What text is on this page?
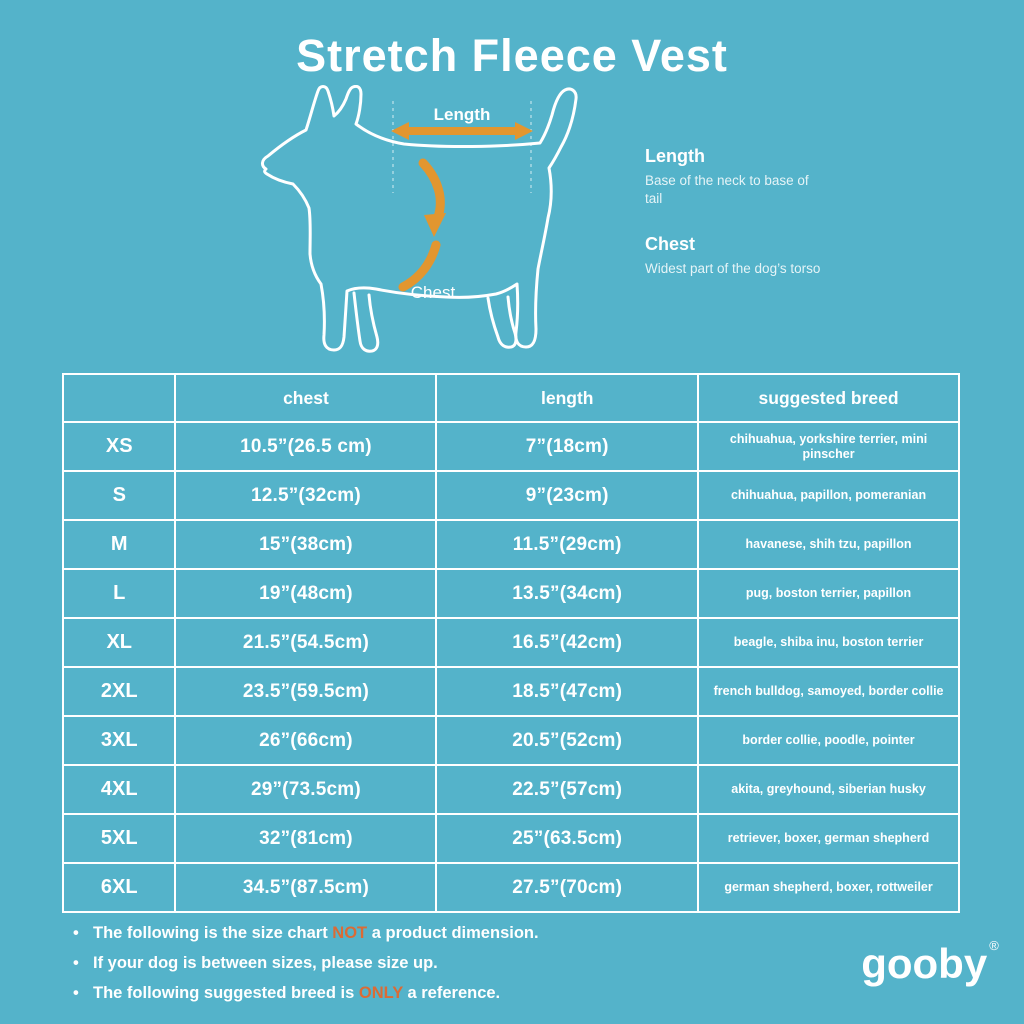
Stretch Fleece Vest
Length
Chest
Length
Base of the neck to base of tail
Chest
Widest part of the dog’s torso
	chest	length	suggested breed
XS	10.5”(26.5 cm)	7”(18cm)	chihuahua, yorkshire terrier, mini pinscher
S	12.5”(32cm)	9”(23cm)	chihuahua, papillon, pomeranian
M	15”(38cm)	11.5”(29cm)	havanese, shih tzu, papillon
L	19”(48cm)	13.5”(34cm)	pug, boston terrier, papillon
XL	21.5”(54.5cm)	16.5”(42cm)	beagle, shiba inu, boston terrier
2XL	23.5”(59.5cm)	18.5”(47cm)	french bulldog, samoyed, border collie
3XL	26”(66cm)	20.5”(52cm)	border collie, poodle, pointer
4XL	29”(73.5cm)	22.5”(57cm)	akita, greyhound, siberian husky
5XL	32”(81cm)	25”(63.5cm)	retriever, boxer, german shepherd
6XL	34.5”(87.5cm)	27.5”(70cm)	german shepherd, boxer, rottweiler
• The following is the size chart NOT a product dimension.
• If your dog is between sizes, please size up.
• The following suggested breed is ONLY a reference.
gooby ®
